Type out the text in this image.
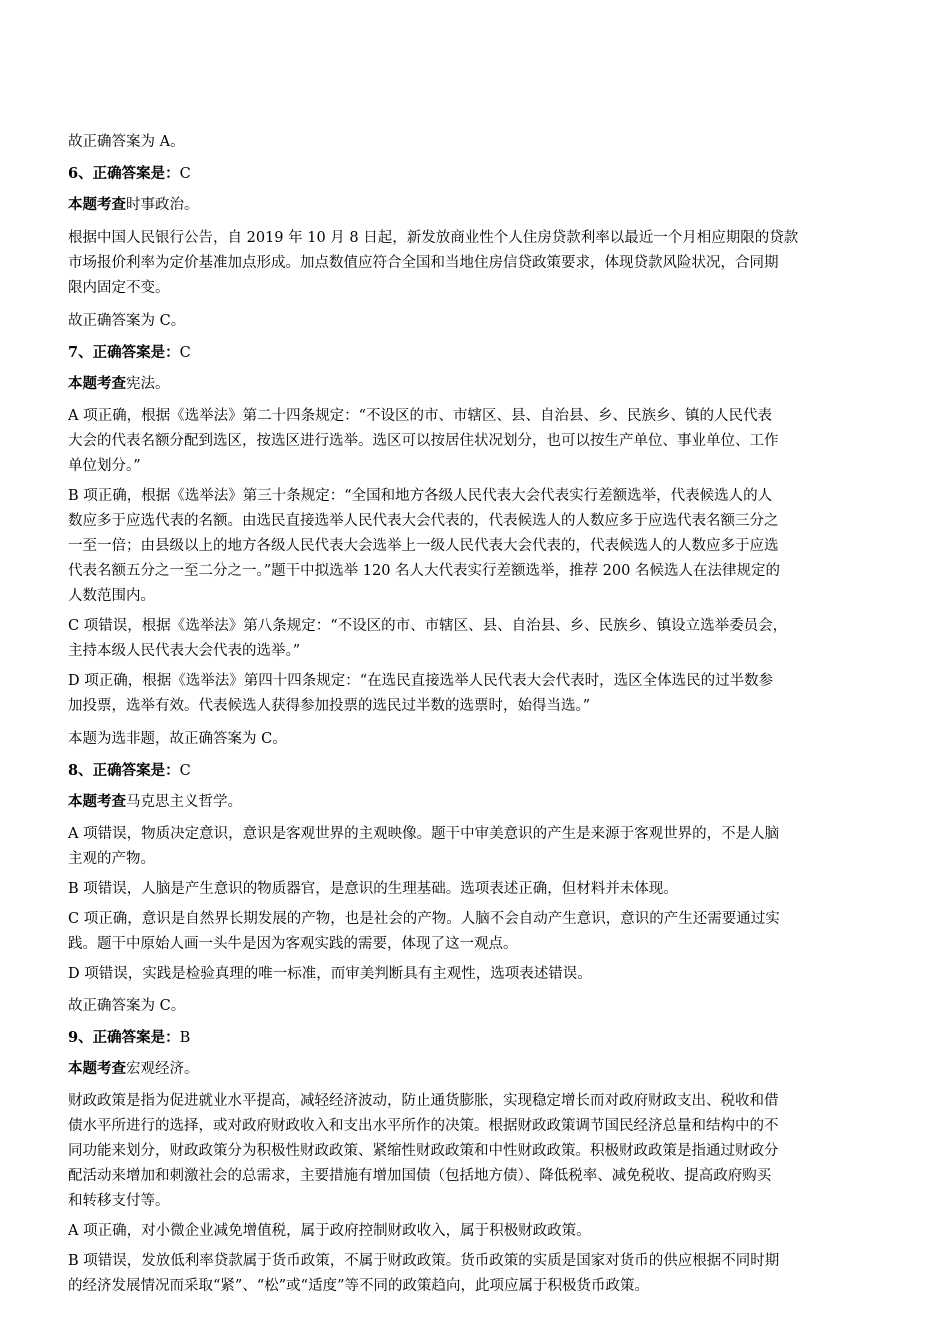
故正确答案为 A。
6、正确答案是：C
本题考查时事政治。
根据中国人民银行公告，自 2019 年 10 月 8 日起，新发放商业性个人住房贷款利率以最近一个月相应期限的贷款
市场报价利率为定价基准加点形成。加点数值应符合全国和当地住房信贷政策要求，体现贷款风险状况，合同期
限内固定不变。
故正确答案为 C。
7、正确答案是：C
本题考查宪法。
A 项正确，根据《选举法》第二十四条规定：“不设区的市、市辖区、县、自治县、乡、民族乡、镇的人民代表
大会的代表名额分配到选区，按选区进行选举。选区可以按居住状况划分，也可以按生产单位、事业单位、工作
单位划分。”
B 项正确，根据《选举法》第三十条规定：“全国和地方各级人民代表大会代表实行差额选举，代表候选人的人
数应多于应选代表的名额。由选民直接选举人民代表大会代表的，代表候选人的人数应多于应选代表名额三分之
一至一倍；由县级以上的地方各级人民代表大会选举上一级人民代表大会代表的，代表候选人的人数应多于应选
代表名额五分之一至二分之一。”题干中拟选举 120 名人大代表实行差额选举，推荐 200 名候选人在法律规定的
人数范围内。
C 项错误，根据《选举法》第八条规定：“不设区的市、市辖区、县、自治县、乡、民族乡、镇设立选举委员会，
主持本级人民代表大会代表的选举。”
D 项正确，根据《选举法》第四十四条规定：“在选民直接选举人民代表大会代表时，选区全体选民的过半数参
加投票，选举有效。代表候选人获得参加投票的选民过半数的选票时，始得当选。”
本题为选非题，故正确答案为 C。
8、正确答案是：C
本题考查马克思主义哲学。
A 项错误，物质决定意识，意识是客观世界的主观映像。题干中审美意识的产生是来源于客观世界的，不是人脑
主观的产物。
B 项错误，人脑是产生意识的物质器官，是意识的生理基础。选项表述正确，但材料并未体现。
C 项正确，意识是自然界长期发展的产物，也是社会的产物。人脑不会自动产生意识，意识的产生还需要通过实
践。题干中原始人画一头牛是因为客观实践的需要，体现了这一观点。
D 项错误，实践是检验真理的唯一标准，而审美判断具有主观性，选项表述错误。
故正确答案为 C。
9、正确答案是：B
本题考查宏观经济。
财政政策是指为促进就业水平提高，减轻经济波动，防止通货膨胀，实现稳定增长而对政府财政支出、税收和借
债水平所进行的选择，或对政府财政收入和支出水平所作的决策。根据财政政策调节国民经济总量和结构中的不
同功能来划分，财政政策分为积极性财政政策、紧缩性财政政策和中性财政政策。积极财政政策是指通过财政分
配活动来增加和刺激社会的总需求，主要措施有增加国债（包括地方债）、降低税率、减免税收、提高政府购买
和转移支付等。
A 项正确，对小微企业减免增值税，属于政府控制财政收入，属于积极财政政策。
B 项错误，发放低利率贷款属于货币政策，不属于财政政策。货币政策的实质是国家对货币的供应根据不同时期
的经济发展情况而采取“紧”、“松”或“适度”等不同的政策趋向，此项应属于积极货币政策。
